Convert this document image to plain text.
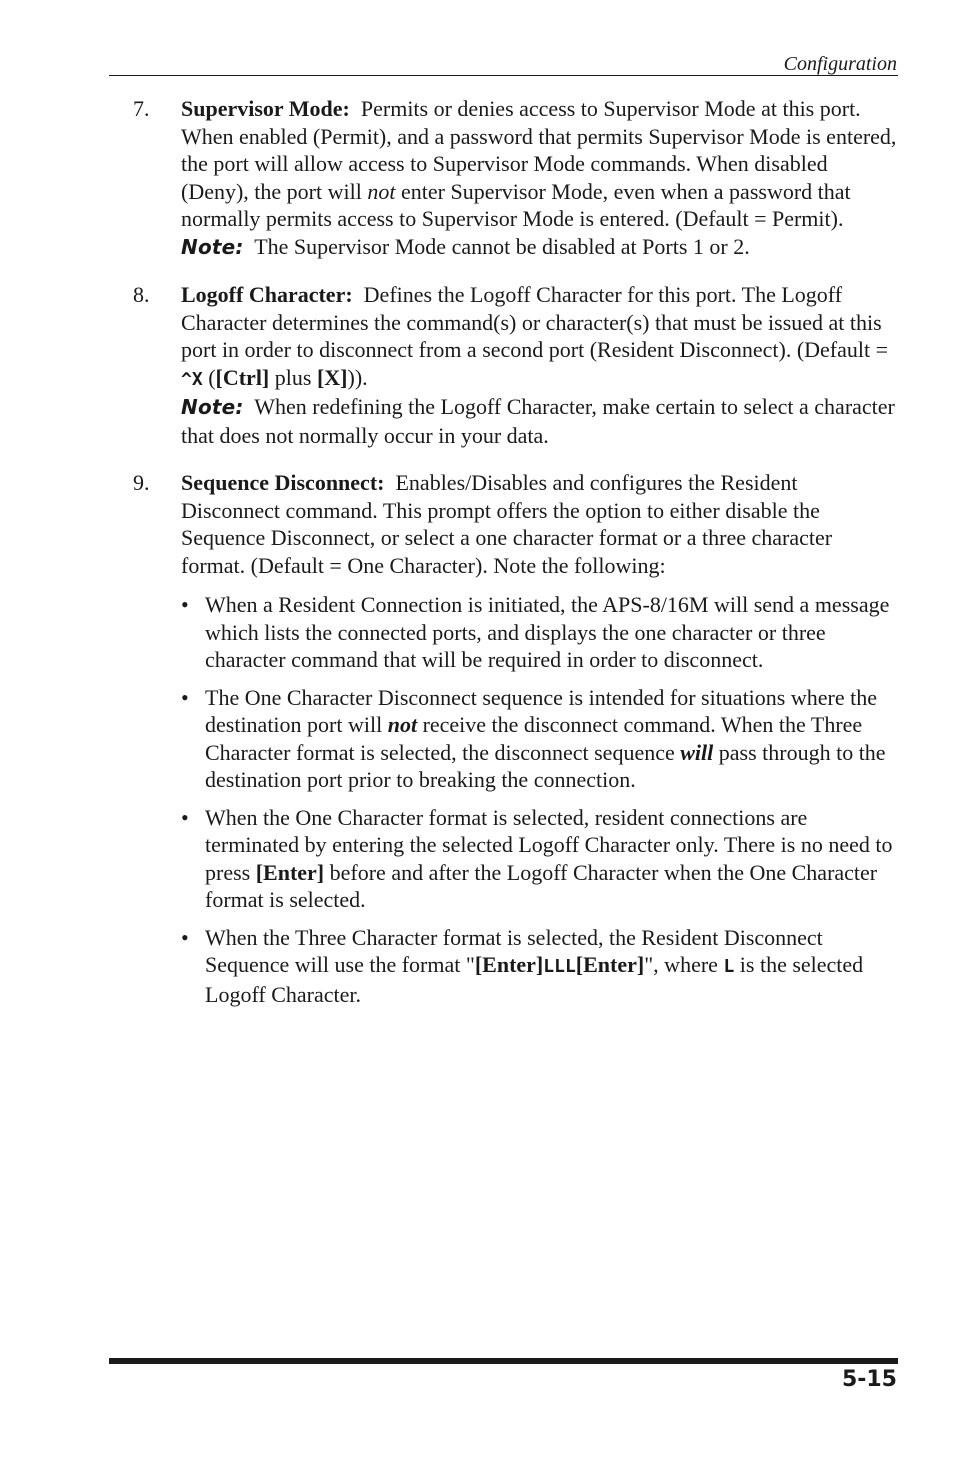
Configuration
7. Supervisor Mode: Permits or denies access to Supervisor Mode at this port. When enabled (Permit), and a password that permits Supervisor Mode is entered, the port will allow access to Supervisor Mode commands. When disabled (Deny), the port will not enter Supervisor Mode, even when a password that normally permits access to Supervisor Mode is entered. (Default = Permit).

Note: The Supervisor Mode cannot be disabled at Ports 1 or 2.

8. Logoff Character: Defines the Logoff Character for this port. The Logoff Character determines the command(s) or character(s) that must be issued at this port in order to disconnect from a second port (Resident Disconnect). (Default = ^X ([Ctrl] plus [X])).

Note: When redefining the Logoff Character, make certain to select a character that does not normally occur in your data.

9. Sequence Disconnect: Enables/Disables and configures the Resident Disconnect command. This prompt offers the option to either disable the Sequence Disconnect, or select a one character format or a three character format. (Default = One Character). Note the following:

• When a Resident Connection is initiated, the APS-8/16M will send a message which lists the connected ports, and displays the one character or three character command that will be required in order to disconnect.
• The One Character Disconnect sequence is intended for situations where the destination port will not receive the disconnect command. When the Three Character format is selected, the disconnect sequence will pass through to the destination port prior to breaking the connection.
• When the One Character format is selected, resident connections are terminated by entering the selected Logoff Character only. There is no need to press [Enter] before and after the Logoff Character when the One Character format is selected.
• When the Three Character format is selected, the Resident Disconnect Sequence will use the format "[Enter]LLL[Enter]", where L is the selected Logoff Character.
5-15
